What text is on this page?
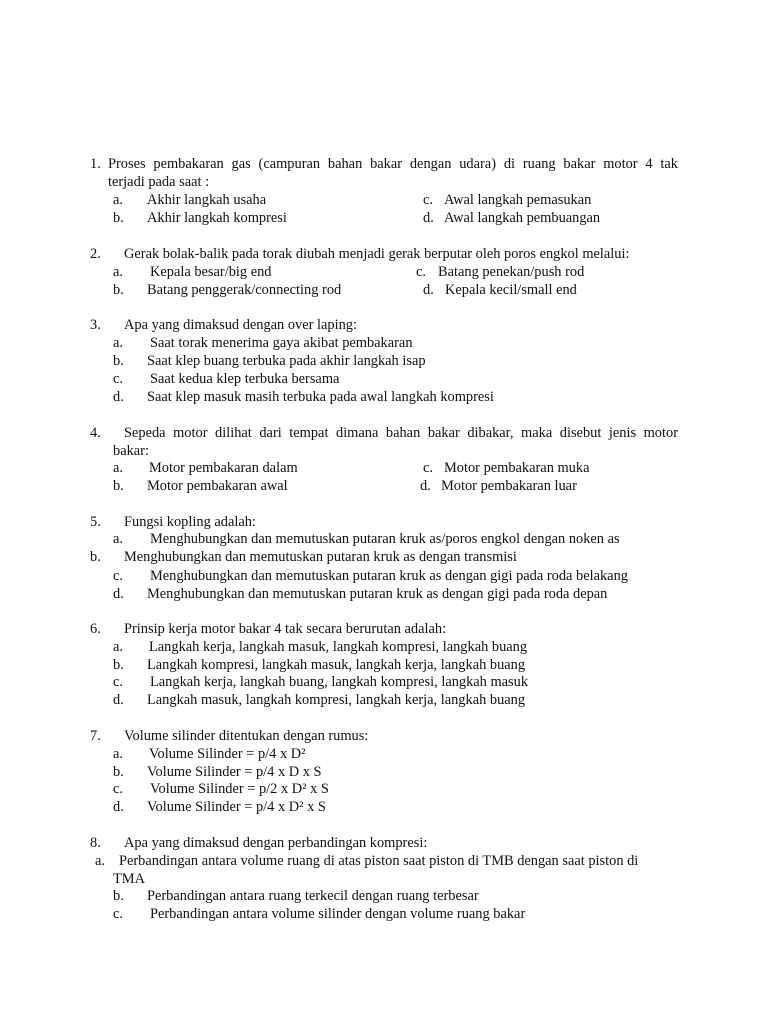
1. Proses pembakaran gas (campuran bahan bakar dengan udara) di ruang bakar motor 4 tak
terjadi pada saat :
a. Akhir langkah usaha
b. Akhir langkah kompresi
c. Awal langkah pemasukan
d. Awal langkah pembuangan
2. Gerak bolak-balik pada torak diubah menjadi gerak berputar oleh poros engkol melalui:
a. Kepala besar/big end
b. Batang penggerak/connecting rod
c. Batang penekan/push rod
d. Kepala kecil/small end
3. Apa yang dimaksud dengan over laping:
a. Saat torak menerima gaya akibat pembakaran
b. Saat klep buang terbuka pada akhir langkah isap
c. Saat kedua klep terbuka bersama
d. Saat klep masuk masih terbuka pada awal langkah kompresi
4. Sepeda motor dilihat dari tempat dimana bahan bakar dibakar, maka disebut jenis motor
bakar:
a. Motor pembakaran dalam
b. Motor pembakaran awal
c. Motor pembakaran muka
d. Motor pembakaran luar
5. Fungsi kopling adalah:
a. Menghubungkan dan memutuskan putaran kruk as/poros engkol dengan noken as
b. Menghubungkan dan memutuskan putaran kruk as dengan transmisi
c. Menghubungkan dan memutuskan putaran kruk as dengan gigi pada roda belakang
d. Menghubungkan dan memutuskan putaran kruk as dengan gigi pada roda depan
6. Prinsip kerja motor bakar 4 tak secara berurutan adalah:
a. Langkah kerja, langkah masuk, langkah kompresi, langkah buang
b. Langkah kompresi, langkah masuk, langkah kerja, langkah buang
c. Langkah kerja, langkah buang, langkah kompresi, langkah masuk
d. Langkah masuk, langkah kompresi, langkah kerja, langkah buang
7. Volume silinder ditentukan dengan rumus:
a. Volume Silinder = p/4 x D²
b. Volume Silinder = p/4 x D x S
c. Volume Silinder = p/2 x D² x S
d. Volume Silinder = p/4 x D² x S
8. Apa yang dimaksud dengan perbandingan kompresi:
a. Perbandingan antara volume ruang di atas piston saat piston di TMB dengan saat piston di
TMA
b. Perbandingan antara ruang terkecil dengan ruang terbesar
c. Perbandingan antara volume silinder dengan volume ruang bakar
